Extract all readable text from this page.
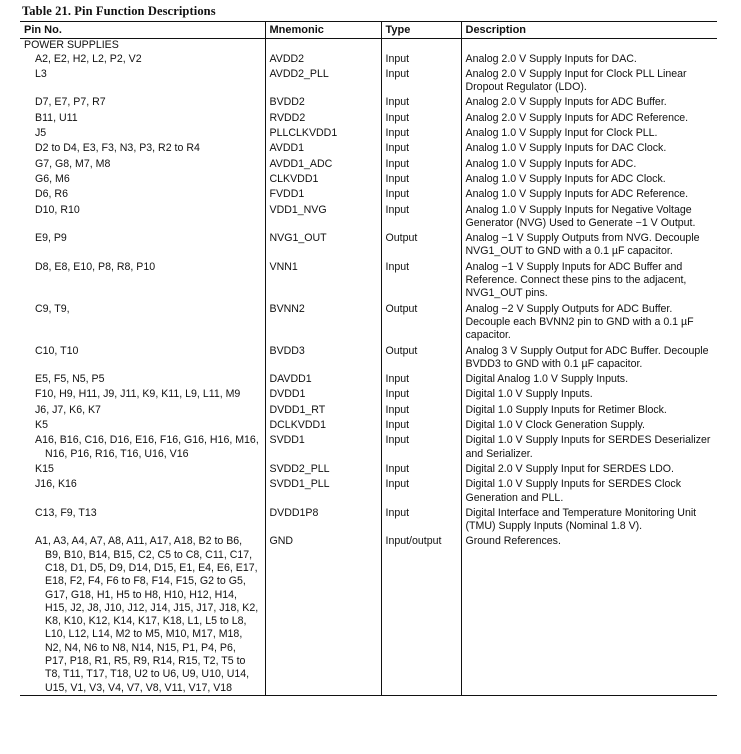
Table 21. Pin Function Descriptions
Pin No.	Mnemonic	Type	Description
POWER SUPPLIES			

A2, E2, H2, L2, P2, V2	AVDD2	Input	Analog 2.0 V Supply Inputs for DAC.

L3	AVDD2_PLL	Input	Analog 2.0 V Supply Input for Clock PLL Linear Dropout Regulator (LDO).

D7, E7, P7, R7	BVDD2	Input	Analog 2.0 V Supply Inputs for ADC Buffer.

B11, U11	RVDD2	Input	Analog 2.0 V Supply Inputs for ADC Reference.

J5	PLLCLKVDD1	Input	Analog 1.0 V Supply Input for Clock PLL.

D2 to D4, E3, F3, N3, P3, R2 to R4	AVDD1	Input	Analog 1.0 V Supply Inputs for DAC Clock.

G7, G8, M7, M8	AVDD1_ADC	Input	Analog 1.0 V Supply Inputs for ADC.

G6, M6	CLKVDD1	Input	Analog 1.0 V Supply Inputs for ADC Clock.

D6, R6	FVDD1	Input	Analog 1.0 V Supply Inputs for ADC Reference.

D10, R10	VDD1_NVG	Input	Analog 1.0 V Supply Inputs for Negative Voltage Generator (NVG) Used to Generate −1 V Output.

E9, P9	NVG1_OUT	Output	Analog −1 V Supply Outputs from NVG. Decouple NVG1_OUT to GND with a 0.1 µF capacitor.

D8, E8, E10, P8, R8, P10	VNN1	Input	Analog −1 V Supply Inputs for ADC Buffer and Reference. Connect these pins to the adjacent, NVG1_OUT pins.

C9, T9,	BVNN2	Output	Analog −2 V Supply Outputs for ADC Buffer. Decouple each BVNN2 pin to GND with a 0.1 µF capacitor.

C10, T10	BVDD3	Output	Analog 3 V Supply Output for ADC Buffer. Decouple BVDD3 to GND with 0.1 µF capacitor.

E5, F5, N5, P5	DAVDD1	Input	Digital Analog 1.0 V Supply Inputs.

F10, H9, H11, J9, J11, K9, K11, L9, L11, M9	DVDD1	Input	Digital 1.0 V Supply Inputs.

J6, J7, K6, K7	DVDD1_RT	Input	Digital 1.0 Supply Inputs for Retimer Block.

K5	DCLKVDD1	Input	Digital 1.0 V Clock Generation Supply.

A16, B16, C16, D16, E16, F16, G16, H16, M16, N16, P16, R16, T16, U16, V16	SVDD1	Input	Digital 1.0 V Supply Inputs for SERDES Deserializer and Serializer.

K15	SVDD2_PLL	Input	Digital 2.0 V Supply Input for SERDES LDO.

J16, K16	SVDD1_PLL	Input	Digital 1.0 V Supply Inputs for SERDES Clock Generation and PLL.

C13, F9, T13	DVDD1P8	Input	Digital Interface and Temperature Monitoring Unit (TMU) Supply Inputs (Nominal 1.8 V).

A1, A3, A4, A7, A8, A11, A17, A18, B2 to B6, B9, B10, B14, B15, C2, C5 to C8, C11, C17, C18, D1, D5, D9, D14, D15, E1, E4, E6, E17, E18, F2, F4, F6 to F8, F14, F15, G2 to G5, G17, G18, H1, H5 to H8, H10, H12, H14, H15, J2, J8, J10, J12, J14, J15, J17, J18, K2, K8, K10, K12, K14, K17, K18, L1, L5 to L8, L10, L12, L14, M2 to M5, M10, M17, M18, N2, N4, N6 to N8, N14, N15, P1, P4, P6, P17, P18, R1, R5, R9, R14, R15, T2, T5 to T8, T11, T17, T18, U2 to U6, U9, U10, U14, U15, V1, V3, V4, V7, V8, V11, V17, V18	GND	Input/output	Ground References.
